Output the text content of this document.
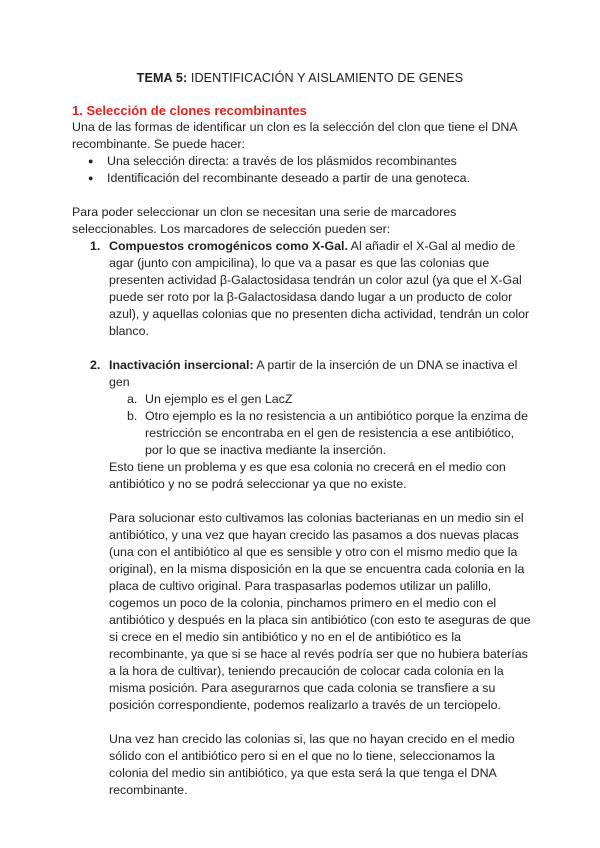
TEMA 5: IDENTIFICACIÓN Y AISLAMIENTO DE GENES
1. Selección de clones recombinantes

Una de las formas de identificar un clon es la selección del clon que tiene el DNA recombinante. Se puede hacer:

● Una selección directa: a través de los plásmidos recombinantes
● Identificación del recombinante deseado a partir de una genoteca.

Para poder seleccionar un clon se necesitan una serie de marcadores seleccionables. Los marcadores de selección pueden ser:

1. Compuestos cromogénicos como X-Gal. Al añadir el X-Gal al medio de agar (junto con ampicilina), lo que va a pasar es que las colonias que presenten actividad β-Galactosidasa tendrán un color azul (ya que el X-Gal puede ser roto por la β-Galactosidasa dando lugar a un producto de color azul), y aquellas colonias que no presenten dicha actividad, tendrán un color blanco.
2. Inactivación insercional: A partir de la inserción de un DNA se inactiva el gen
a. Un ejemplo es el gen LacZ
b. Otro ejemplo es la no resistencia a un antibiótico porque la enzima de restricción se encontraba en el gen de resistencia a ese antibiótico, por lo que se inactiva mediante la inserción.

Esto tiene un problema y es que esa colonia no crecerá en el medio con antibiótico y no se podrá seleccionar ya que no existe.

Para solucionar esto cultivamos las colonias bacterianas en un medio sin el antibiótico, y una vez que hayan crecido las pasamos a dos nuevas placas (una con el antibiótico al que es sensible y otro con el mismo medio que la original), en la misma disposición en la que se encuentra cada colonia en la placa de cultivo original. Para traspasarlas podemos utilizar un palillo, cogemos un poco de la colonia, pinchamos primero en el medio con el antibiótico y después en la placa sin antibiótico (con esto te aseguras de que si crece en el medio sin antibiótico y no en el de antibiótico es la recombinante, ya que si se hace al revés podría ser que no hubiera baterías a la hora de cultivar), teniendo precaución de colocar cada colonia en la misma posición. Para asegurarnos que cada colonia se transfiere a su posición correspondiente, podemos realizarlo a través de un terciopelo.

Una vez han crecido las colonias si, las que no hayan crecido en el medio sólido con el antibiótico pero si en el que no lo tiene, seleccionamos la colonia del medio sin antibiótico, ya que esta será la que tenga el DNA recombinante.
